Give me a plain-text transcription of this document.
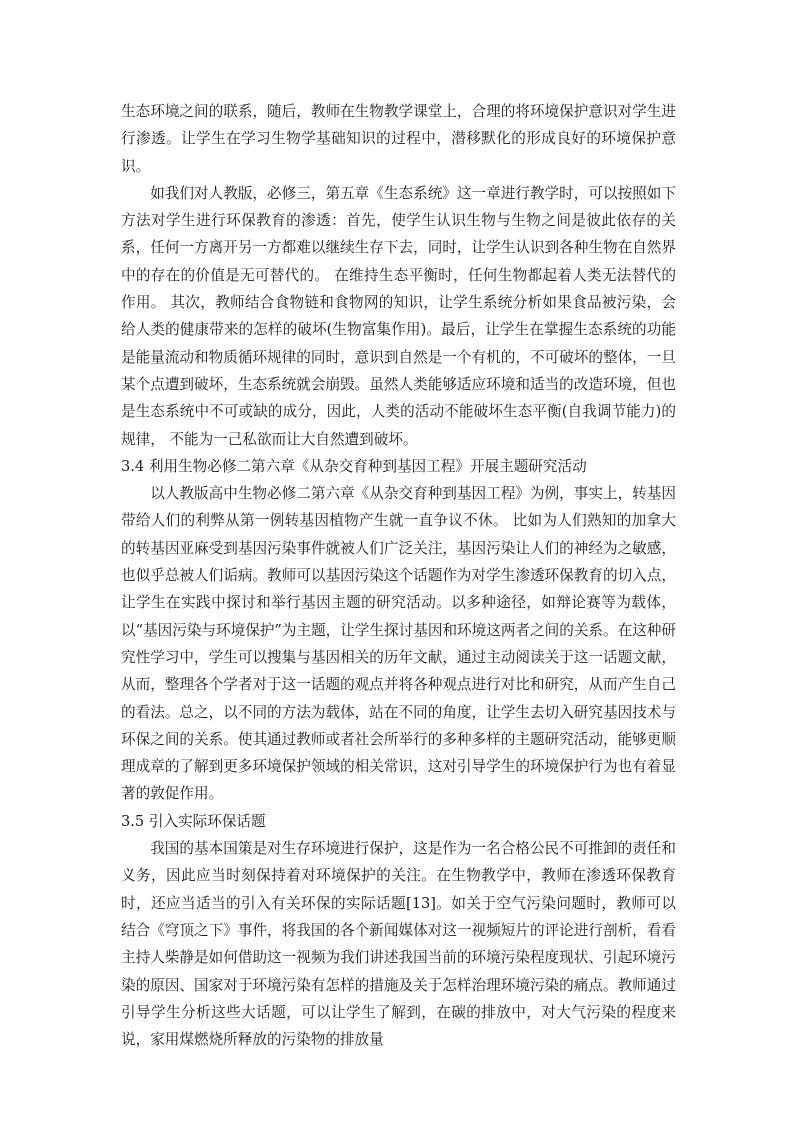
生态环境之间的联系，随后，教师在生物教学课堂上，合理的将环境保护意识对学生进行渗透。让学生在学习生物学基础知识的过程中，潜移默化的形成良好的环境保护意识。

如我们对人教版，必修三，第五章《生态系统》这一章进行教学时，可以按照如下方法对学生进行环保教育的渗透：首先，使学生认识生物与生物之间是彼此依存的关系，任何一方离开另一方都难以继续生存下去，同时，让学生认识到各种生物在自然界中的存在的价值是无可替代的。 在维持生态平衡时，任何生物都起着人类无法替代的作用。 其次，教师结合食物链和食物网的知识，让学生系统分析如果食品被污染，会给人类的健康带来的怎样的破坏(生物富集作用)。最后，让学生在掌握生态系统的功能是能量流动和物质循环规律的同时，意识到自然是一个有机的，不可破坏的整体，一旦某个点遭到破坏，生态系统就会崩毁。虽然人类能够适应环境和适当的改造环境，但也是生态系统中不可或缺的成分，因此，人类的活动不能破坏生态平衡(自我调节能力)的规律， 不能为一己私欲而让大自然遭到破坏。

3.4 利用生物必修二第六章《从杂交育种到基因工程》开展主题研究活动

以人教版高中生物必修二第六章《从杂交育种到基因工程》为例，事实上，转基因带给人们的利弊从第一例转基因植物产生就一直争议不休。 比如为人们熟知的加拿大的转基因亚麻受到基因污染事件就被人们广泛关注，基因污染让人们的神经为之敏感，也似乎总被人们诟病。教师可以基因污染这个话题作为对学生渗透环保教育的切入点，让学生在实践中探讨和举行基因主题的研究活动。以多种途径，如辩论赛等为载体，以“基因污染与环境保护”为主题，让学生探讨基因和环境这两者之间的关系。在这种研究性学习中，学生可以搜集与基因相关的历年文献，通过主动阅读关于这一话题文献，从而，整理各个学者对于这一话题的观点并将各种观点进行对比和研究，从而产生自己的看法。总之，以不同的方法为载体，站在不同的角度，让学生去切入研究基因技术与环保之间的关系。使其通过教师或者社会所举行的多种多样的主题研究活动，能够更顺理成章的了解到更多环境保护领域的相关常识，这对引导学生的环境保护行为也有着显著的敦促作用。

3.5 引入实际环保话题

我国的基本国策是对生存环境进行保护，这是作为一名合格公民不可推卸的责任和义务，因此应当时刻保持着对环境保护的关注。在生物教学中，教师在渗透环保教育时，还应当适当的引入有关环保的实际话题[13]。如关于空气污染问题时，教师可以结合《穹顶之下》事件，将我国的各个新闻媒体对这一视频短片的评论进行剖析，看看主持人柴静是如何借助这一视频为我们讲述我国当前的环境污染程度现状、引起环境污染的原因、国家对于环境污染有怎样的措施及关于怎样治理环境污染的痛点。教师通过引导学生分析这些大话题，可以让学生了解到，在碳的排放中，对大气污染的程度来说，家用煤燃烧所释放的污染物的排放量
